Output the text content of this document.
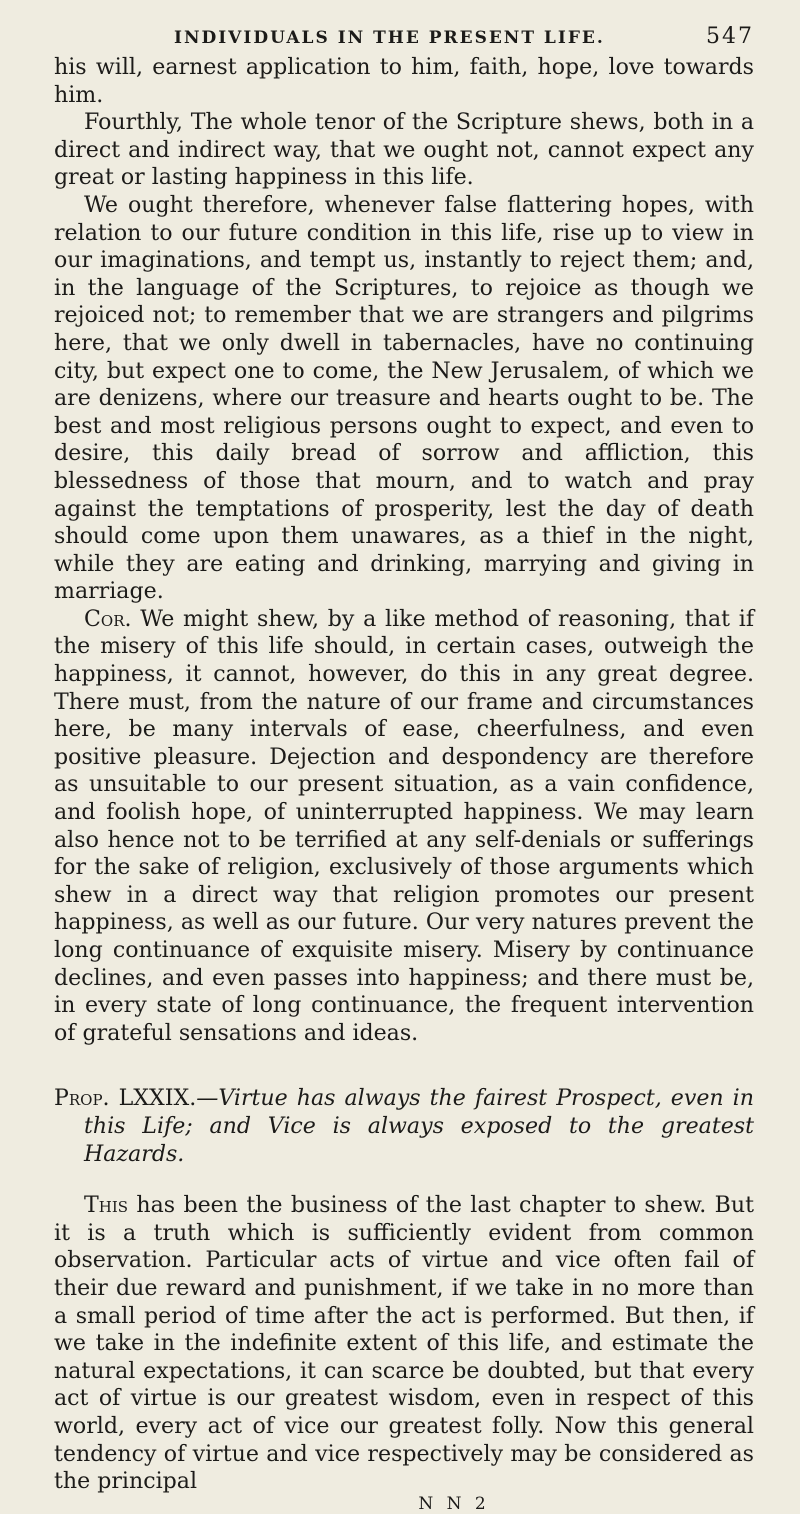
INDIVIDUALS IN THE PRESENT LIFE.	547

his will, earnest application to him, faith, hope, love towards him.

Fourthly, The whole tenor of the Scripture shews, both in a direct and indirect way, that we ought not, cannot expect any great or lasting happiness in this life.

We ought therefore, whenever false flattering hopes, with relation to our future condition in this life, rise up to view in our imaginations, and tempt us, instantly to reject them; and, in the language of the Scriptures, to rejoice as though we rejoiced not; to remember that we are strangers and pilgrims here, that we only dwell in tabernacles, have no continuing city, but expect one to come, the New Jerusalem, of which we are denizens, where our treasure and hearts ought to be. The best and most religious persons ought to expect, and even to desire, this daily bread of sorrow and affliction, this blessedness of those that mourn, and to watch and pray against the temptations of prosperity, lest the day of death should come upon them unawares, as a thief in the night, while they are eating and drinking, marrying and giving in marriage.

Cor. We might shew, by a like method of reasoning, that if the misery of this life should, in certain cases, outweigh the happiness, it cannot, however, do this in any great degree. There must, from the nature of our frame and circumstances here, be many intervals of ease, cheerfulness, and even positive pleasure. Dejection and despondency are therefore as unsuitable to our present situation, as a vain confidence, and foolish hope, of uninterrupted happiness. We may learn also hence not to be terrified at any self-denials or sufferings for the sake of religion, exclusively of those arguments which shew in a direct way that religion promotes our present happiness, as well as our future. Our very natures prevent the long continuance of exquisite misery. Misery by continuance declines, and even passes into happiness; and there must be, in every state of long continuance, the frequent intervention of grateful sensations and ideas.

Prop. LXXIX.—Virtue has always the fairest Prospect, even in this Life; and Vice is always exposed to the greatest Hazards.

This has been the business of the last chapter to shew. But it is a truth which is sufficiently evident from common observation. Particular acts of virtue and vice often fail of their due reward and punishment, if we take in no more than a small period of time after the act is performed. But then, if we take in the indefinite extent of this life, and estimate the natural expectations, it can scarce be doubted, but that every act of virtue is our greatest wisdom, even in respect of this world, every act of vice our greatest folly. Now this general tendency of virtue and vice respectively may be considered as the principal

N N 2
